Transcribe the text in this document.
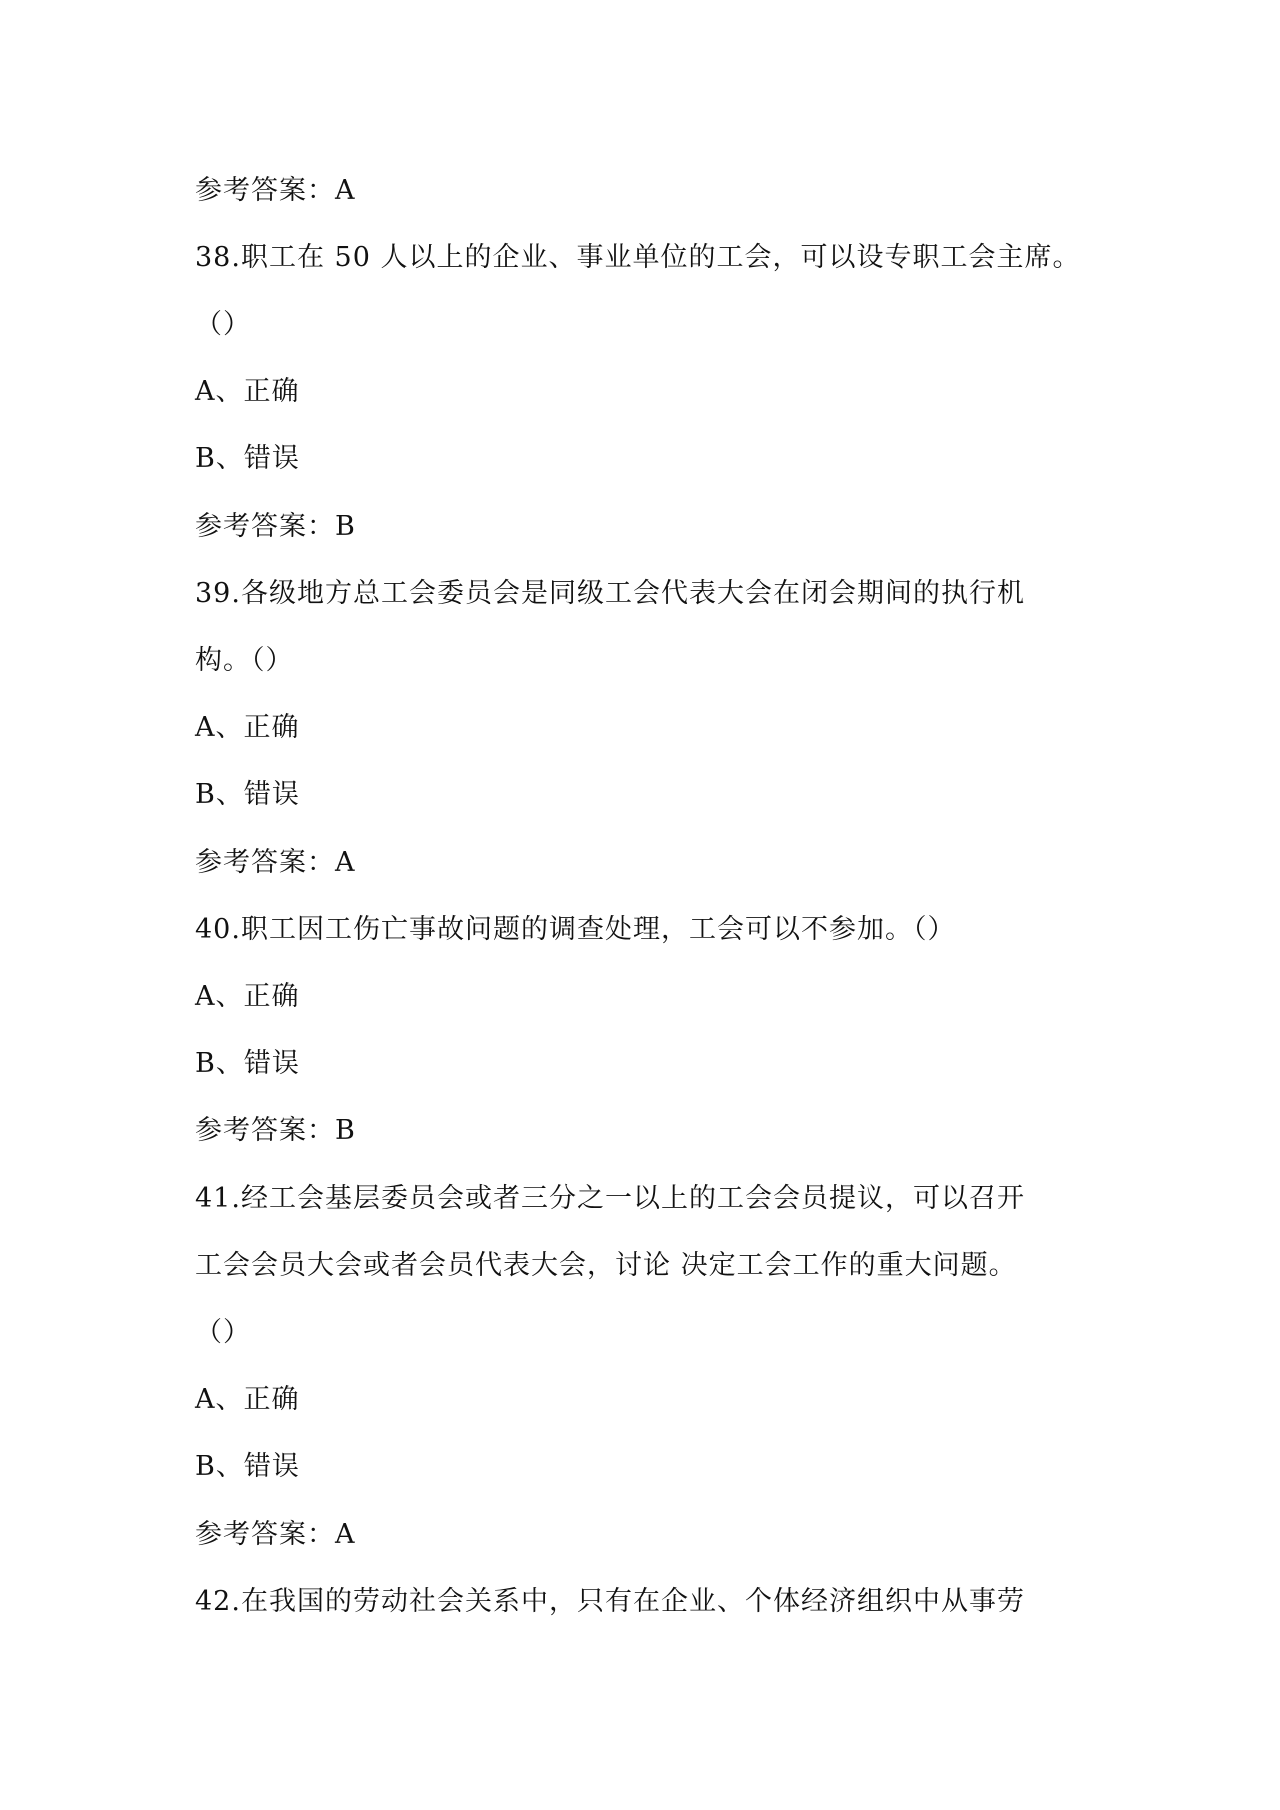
参考答案：A
38.职工在 50 人以上的企业、事业单位的工会，可以设专职工会主席。
（）
A、正确
B、错误
参考答案：B
39.各级地方总工会委员会是同级工会代表大会在闭会期间的执行机
构。（）
A、正确
B、错误
参考答案：A
40.职工因工伤亡事故问题的调查处理，工会可以不参加。（）
A、正确
B、错误
参考答案：B
41.经工会基层委员会或者三分之一以上的工会会员提议，可以召开
工会会员大会或者会员代表大会，讨论 决定工会工作的重大问题。
（）
A、正确
B、错误
参考答案：A
42.在我国的劳动社会关系中，只有在企业、个体经济组织中从事劳
